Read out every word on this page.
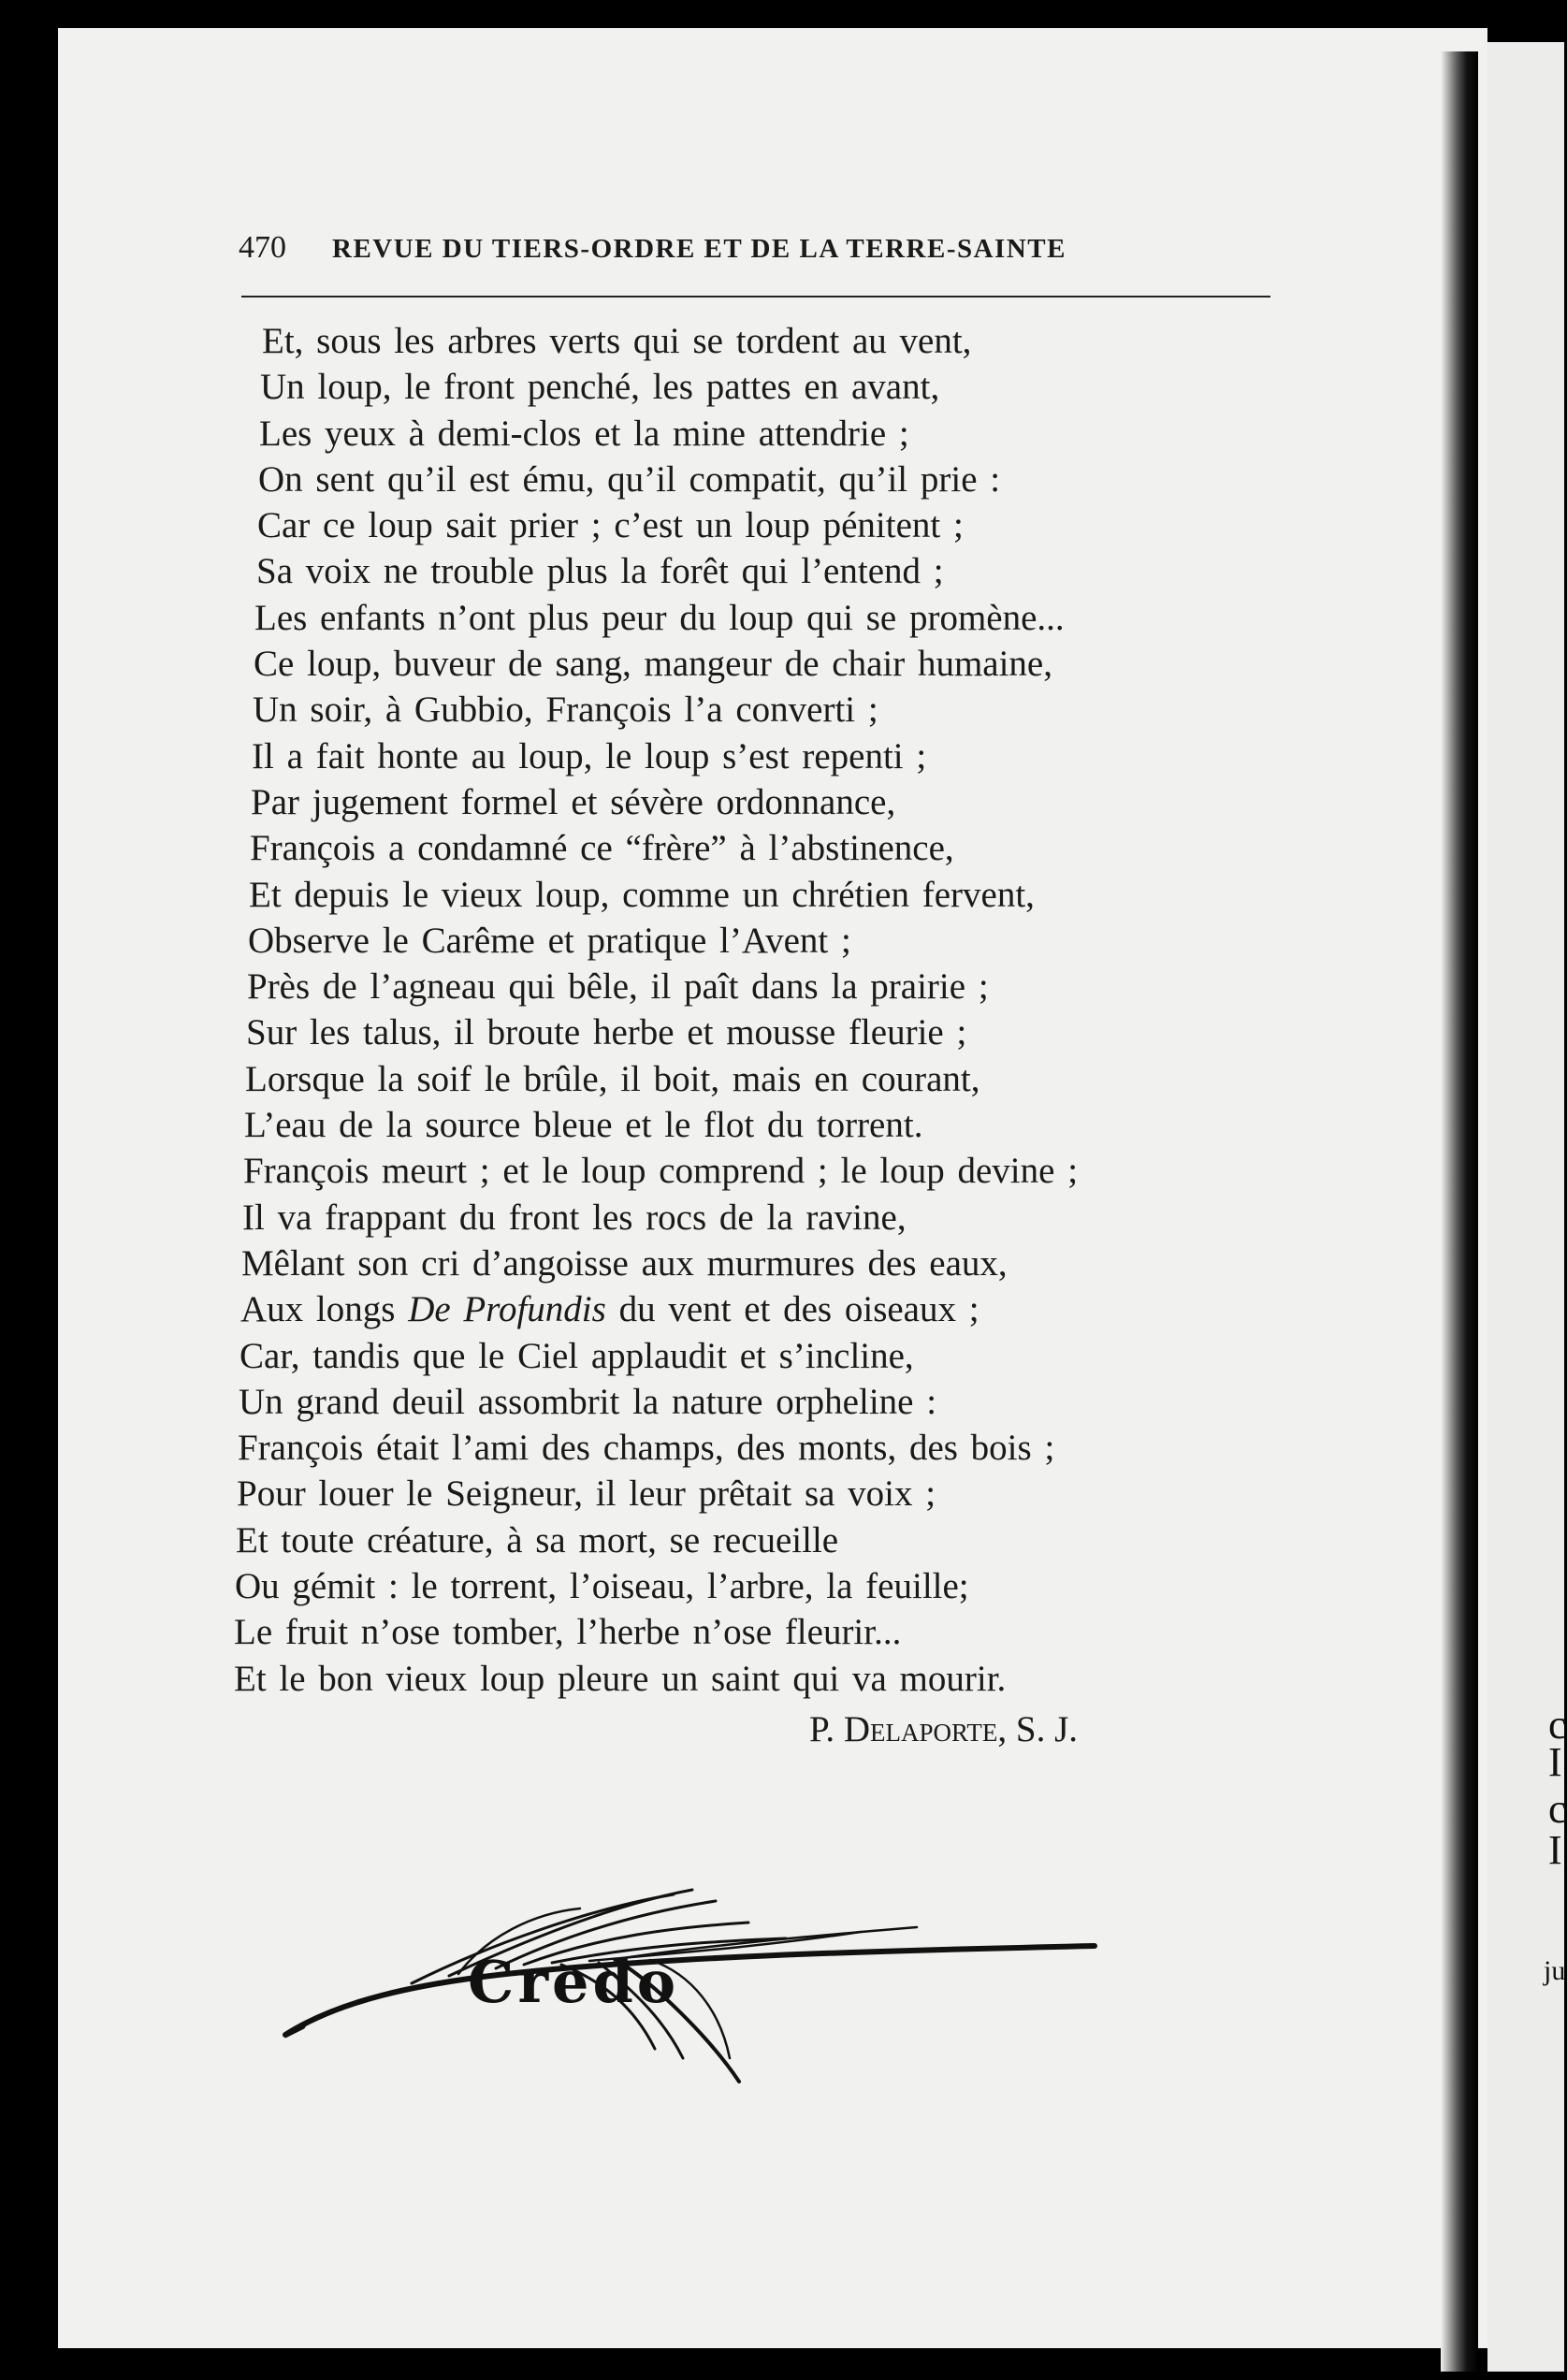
c
I
c
I
ju
470 REVUE DU TIERS-ORDRE ET DE LA TERRE-SAINTE
Et, sous les arbres verts qui se tordent au vent,
Un loup, le front penché, les pattes en avant,
Les yeux à demi-clos et la mine attendrie ;
On sent qu’il est ému, qu’il compatit, qu’il prie :
Car ce loup sait prier ; c’est un loup pénitent ;
Sa voix ne trouble plus la forêt qui l’entend ;
Les enfants n’ont plus peur du loup qui se promène...
Ce loup, buveur de sang, mangeur de chair humaine,
Un soir, à Gubbio, François l’a converti ;
Il a fait honte au loup, le loup s’est repenti ;
Par jugement formel et sévère ordonnance,
François a condamné ce “frère” à l’abstinence,
Et depuis le vieux loup, comme un chrétien fervent,
Observe le Carême et pratique l’Avent ;
Près de l’agneau qui bêle, il paît dans la prairie ;
Sur les talus, il broute herbe et mousse fleurie ;
Lorsque la soif le brûle, il boit, mais en courant,
L’eau de la source bleue et le flot du torrent.
François meurt ; et le loup comprend ; le loup devine ;
Il va frappant du front les rocs de la ravine,
Mêlant son cri d’angoisse aux murmures des eaux,
Aux longs De Profundis du vent et des oiseaux ;
Car, tandis que le Ciel applaudit et s’incline,
Un grand deuil assombrit la nature orpheline :
François était l’ami des champs, des monts, des bois ;
Pour louer le Seigneur, il leur prêtait sa voix ;
Et toute créature, à sa mort, se recueille
Ou gémit : le torrent, l’oiseau, l’arbre, la feuille;
Le fruit n’ose tomber, l’herbe n’ose fleurir...
Et le bon vieux loup pleure un saint qui va mourir.
P. Delaporte, S. J.
Credo
